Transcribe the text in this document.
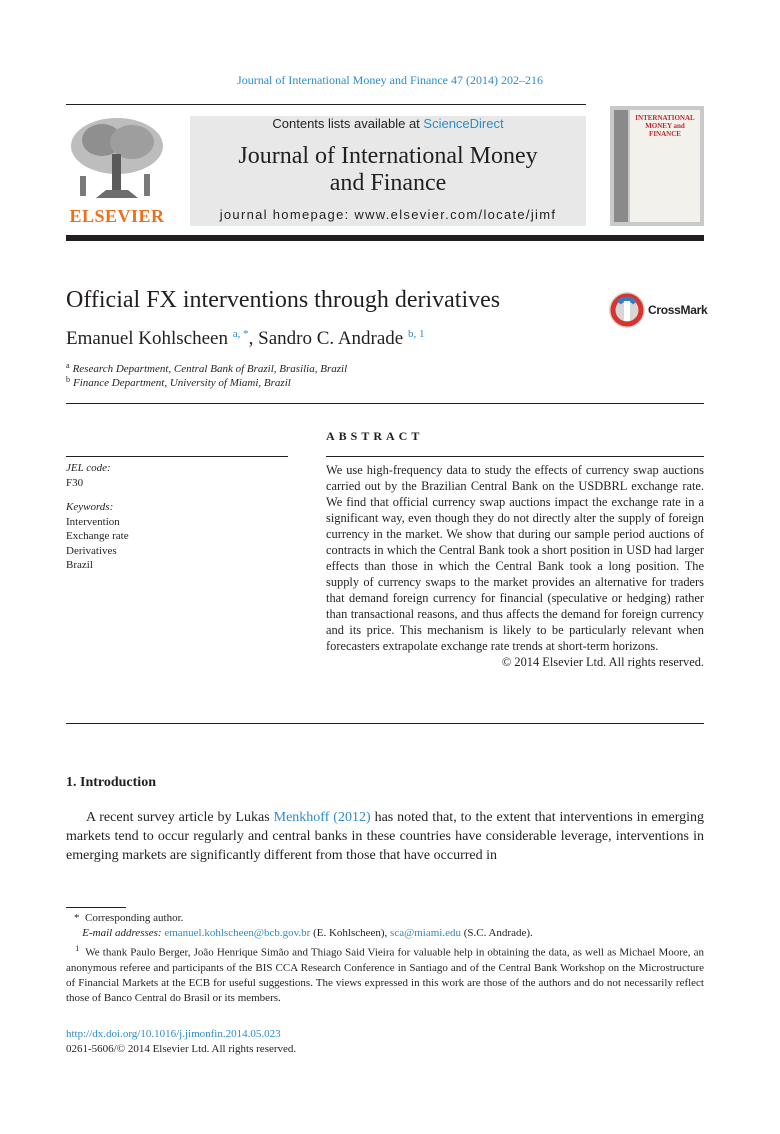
Journal of International Money and Finance 47 (2014) 202–216
ELSEVIER
Contents lists available at ScienceDirect
Journal of International Money
and Finance
journal homepage: www.elsevier.com/locate/jimf
INTERNATIONAL MONEY and FINANCE
Official FX interventions through derivatives	CrossMark
Emanuel Kohlscheen $^{a, *}$, Sandro C. Andrade $^{b, 1}$
$^a$ Research Department, Central Bank of Brazil, Brasilia, Brazil
$^b$ Finance Department, University of Miami, Brazil
ABSTRACT
JEL code:
F30
Keywords:
Intervention
Exchange rate
Derivatives
Brazil
We use high-frequency data to study the effects of currency swap auctions carried out by the Brazilian Central Bank on the USDBRL exchange rate. We find that official currency swap auctions impact the exchange rate in a significant way, even though they do not directly alter the supply of foreign currency in the market. We show that during our sample period auctions of contracts in which the Central Bank took a short position in USD had larger effects than those in which the Central Bank took a long position. The supply of currency swaps to the market provides an alternative for traders that demand foreign currency for financial (speculative or hedging) rather than transactional reasons, and thus affects the demand for foreign currency and its price. This mechanism is likely to be particularly relevant when forecasters extrapolate exchange rate trends at short-term horizons.
© 2014 Elsevier Ltd. All rights reserved.
1. Introduction

A recent survey article by Lukas Menkhoff (2012) has noted that, to the extent that interventions in emerging markets tend to occur regularly and central banks in these countries have considerable leverage, interventions in emerging markets are significantly different from those that have occurred in

* Corresponding author.

E-mail addresses: emanuel.kohlscheen@bcb.gov.br (E. Kohlscheen), sca@miami.edu (S.C. Andrade).

$^1$ We thank Paulo Berger, João Henrique Simão and Thiago Said Vieira for valuable help in obtaining the data, as well as Michael Moore, an anonymous referee and participants of the BIS CCA Research Conference in Santiago and of the Central Bank Workshop on the Microstructure of Financial Markets at the ECB for useful suggestions. The views expressed in this work are those of the authors and do not necessarily reflect those of Banco Central do Brasil or its members.

http://dx.doi.org/10.1016/j.jimonfin.2014.05.023
0261-5606/© 2014 Elsevier Ltd. All rights reserved.
